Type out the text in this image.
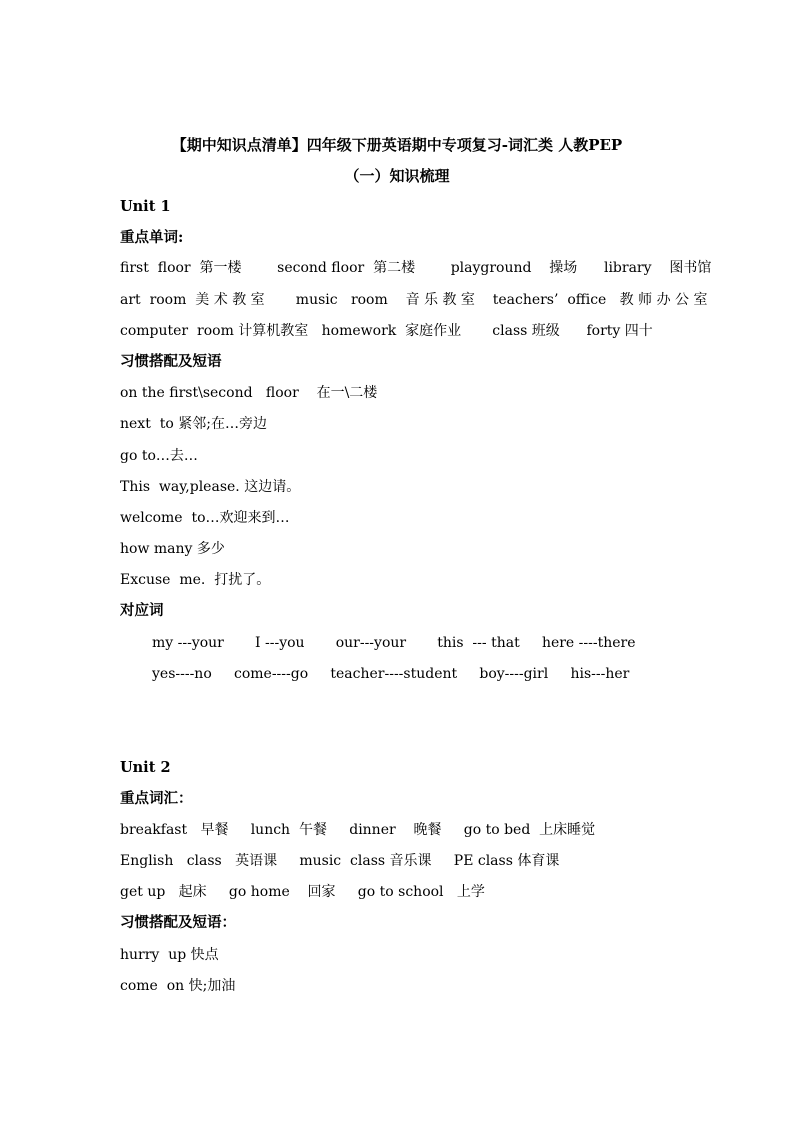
【期中知识点清单】四年级下册英语期中专项复习-词汇类 人教PEP
（一）知识梳理
Unit 1
重点单词:
first  floor  第一楼        second floor  第二楼        playground    操场      library    图书馆
art  room  美 术 教 室       music   room    音 乐 教 室    teachers’  office   教 师 办 公 室
computer  room 计算机教室   homework  家庭作业       class 班级      forty 四十
习惯搭配及短语
on the first\second   floor    在一\二楼
next  to 紧邻;在…旁边
go to…去…
This  way,please. 这边请。
welcome  to…欢迎来到…
how many 多少
Excuse  me.  打扰了。
对应词
my ---your       I ---you       our---your       this  --- that     here ----there
yes----no     come----go     teacher----student     boy----girl     his---her
Unit 2
重点词汇：
breakfast   早餐     lunch  午餐     dinner    晚餐     go to bed  上床睡觉
English   class   英语课     music  class 音乐课     PE class 体育课
get up   起床     go home    回家     go to school   上学
习惯搭配及短语：
hurry  up 快点
come  on 快;加油
